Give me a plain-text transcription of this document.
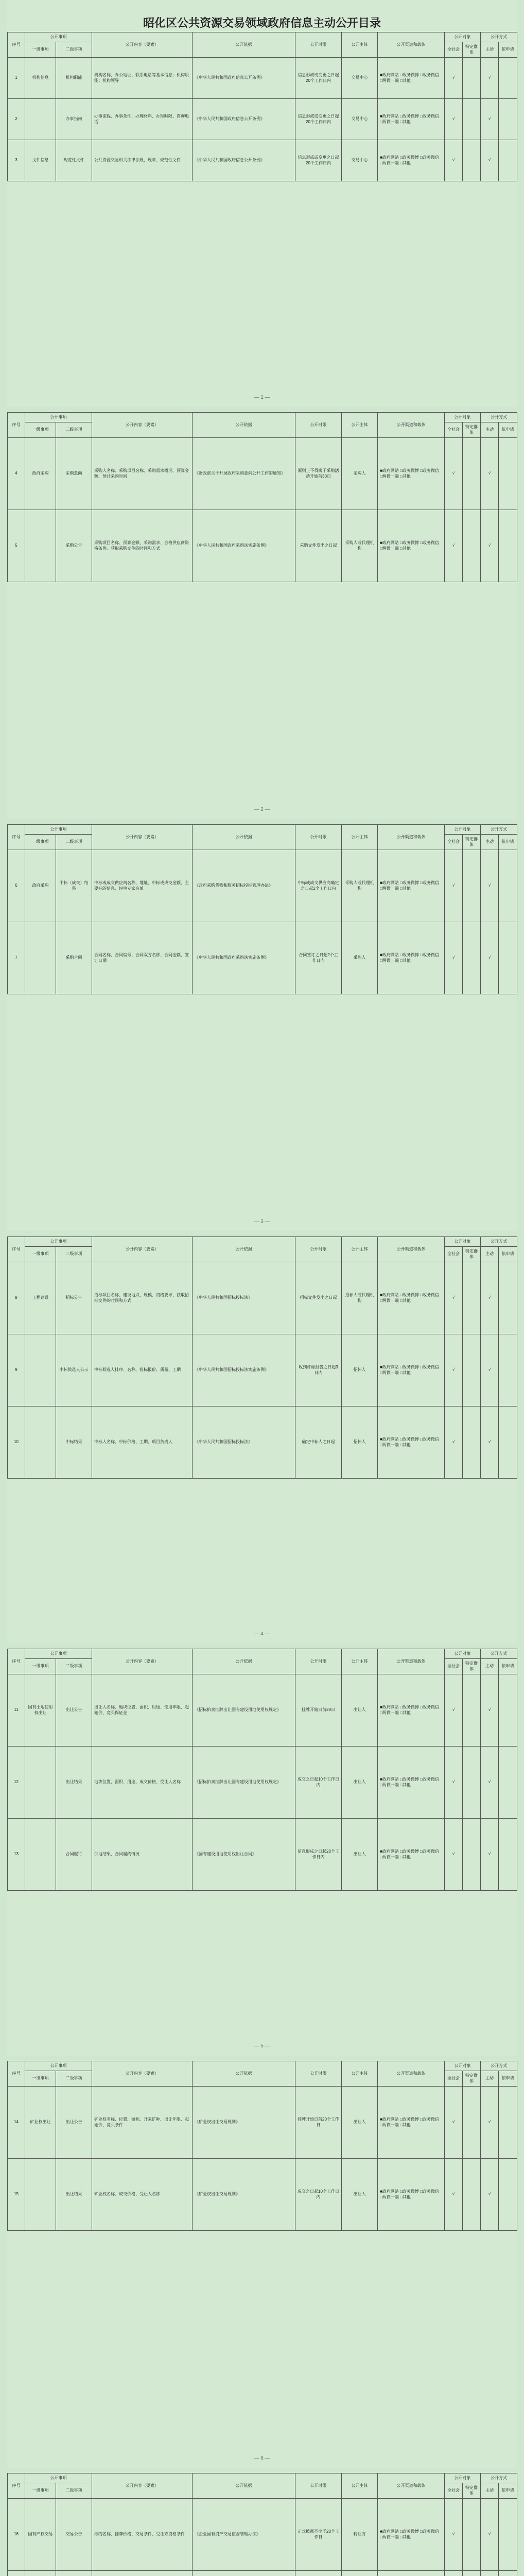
昭化区公共资源交易领域政府信息主动公开目录
序号	公开事项		公开内容（要素）	公开依据	公开时限	公开主体	公开渠道和载体	公开对象		公开方式	
	一级事项	二级事项						全社会	特定群体	主动	依申请
1	机构信息	机构职能	机构名称、办公地址、联系电话等基本信息；机构职能；机构领导	《中华人民共和国政府信息公开条例》	信息形成或变更之日起20个工作日内	交易中心	■政府网站 □政务微博 □政务微信 □两微一端 □其他	√		√	
2		办事指南	办事流程、办事条件、办理材料、办理时限、咨询电话	《中华人民共和国政府信息公开条例》	信息形成或变更之日起20个工作日内	交易中心	■政府网站 □政务微博 □政务微信 □两微一端 □其他	√		√	
3	文件信息	规范性文件	公共资源交易相关法律法规、规章、规范性文件	《中华人民共和国政府信息公开条例》	信息形成或变更之日起20个工作日内	交易中心	■政府网站 □政务微博 □政务微信 □两微一端 □其他	√		√	
— 1 —
序号	公开事项		公开内容（要素）	公开依据	公开时限	公开主体	公开渠道和载体	公开对象		公开方式	
	一级事项	二级事项						全社会	特定群体	主动	依申请
4	政府采购	采购意向	采购人名称、采购项目名称、采购需求概况、预算金额、预计采购时间	《财政部关于开展政府采购意向公开工作的通知》	原则上不得晚于采购活动开始前30日	采购人	■政府网站 □政务微博 □政务微信 □两微一端 □其他	√		√	
5		采购公告	采购项目名称、预算金额、采购需求、合格供应商资格条件、获取采购文件的时间和方式	《中华人民共和国政府采购法实施条例》	采购文件发出之日起	采购人或代理机构	■政府网站 □政务微博 □政务微信 □两微一端 □其他	√		√	
— 2 —
序号	公开事项		公开内容（要素）	公开依据	公开时限	公开主体	公开渠道和载体	公开对象		公开方式	
	一级事项	二级事项						全社会	特定群体	主动	依申请
6	政府采购	中标（成交）结果	中标或成交供应商名称、地址、中标或成交金额、主要标的信息、评审专家名单	《政府采购货物和服务招标投标管理办法》	中标或成交供应商确定之日起2个工作日内	采购人或代理机构	■政府网站 □政务微博 □政务微信 □两微一端 □其他	√		√	
7		采购合同	合同名称、合同编号、合同双方名称、合同金额、签订日期	《中华人民共和国政府采购法实施条例》	合同签订之日起2个工作日内	采购人	■政府网站 □政务微博 □政务微信 □两微一端 □其他	√		√	
— 3 —
序号	公开事项		公开内容（要素）	公开依据	公开时限	公开主体	公开渠道和载体	公开对象		公开方式	
	一级事项	二级事项						全社会	特定群体	主动	依申请
8	工程建设	招标公告	招标项目名称、建设地点、规模、资格要求、获取招标文件的时间和方式	《中华人民共和国招标投标法》	招标文件发出之日起	招标人或代理机构	■政府网站 □政务微博 □政务微信 □两微一端 □其他	√		√	
9		中标候选人公示	中标候选人排序、名称、投标报价、质量、工期	《中华人民共和国招标投标法实施条例》	收到评标报告之日起3日内	招标人	■政府网站 □政务微博 □政务微信 □两微一端 □其他	√		√	
10		中标结果	中标人名称、中标价格、工期、项目负责人	《中华人民共和国招标投标法》	确定中标人之日起	招标人	■政府网站 □政务微博 □政务微信 □两微一端 □其他	√		√	
— 4 —
序号	公开事项		公开内容（要素）	公开依据	公开时限	公开主体	公开渠道和载体	公开对象		公开方式	
	一级事项	二级事项						全社会	特定群体	主动	依申请
11	国有土地使用权出让	出让公告	出让人名称、地块位置、面积、用途、使用年限、起始价、竞买保证金	《招标拍卖挂牌出让国有建设用地使用权规定》	挂牌开始日前20日	出让人	■政府网站 □政务微博 □政务微信 □两微一端 □其他	√		√	
12		出让结果	地块位置、面积、用途、成交价格、受让人名称	《招标拍卖挂牌出让国有建设用地使用权规定》	成交之日起10个工作日内	出让人	■政府网站 □政务微博 □政务微信 □两微一端 □其他	√		√	
13		合同履行	供地结果、合同履约情况	《国有建设用地使用权出让合同》	信息形成之日起20个工作日内	出让人	■政府网站 □政务微博 □政务微信 □两微一端 □其他	√		√	
— 5 —
序号	公开事项		公开内容（要素）	公开依据	公开时限	公开主体	公开渠道和载体	公开对象		公开方式	
	一级事项	二级事项						全社会	特定群体	主动	依申请
14	矿业权出让	出让公告	矿业权名称、位置、面积、开采矿种、出让年限、起始价、竞买条件	《矿业权出让交易规则》	挂牌开始日前20个工作日	出让人	■政府网站 □政务微博 □政务微信 □两微一端 □其他	√		√	
15		出让结果	矿业权名称、成交价格、受让人名称	《矿业权出让交易规则》	成交之日起10个工作日内	出让人	■政府网站 □政务微博 □政务微信 □两微一端 □其他	√		√	
— 6 —
序号	公开事项		公开内容（要素）	公开依据	公开时限	公开主体	公开渠道和载体	公开对象		公开方式	
	一级事项	二级事项						全社会	特定群体	主动	依申请
16	国有产权交易	交易公告	标的名称、挂牌价格、交易条件、受让方资格条件	《企业国有资产交易监督管理办法》	正式披露不少于20个工作日	转让方	■政府网站 □政务微博 □政务微信 □两微一端 □其他	√		√	
